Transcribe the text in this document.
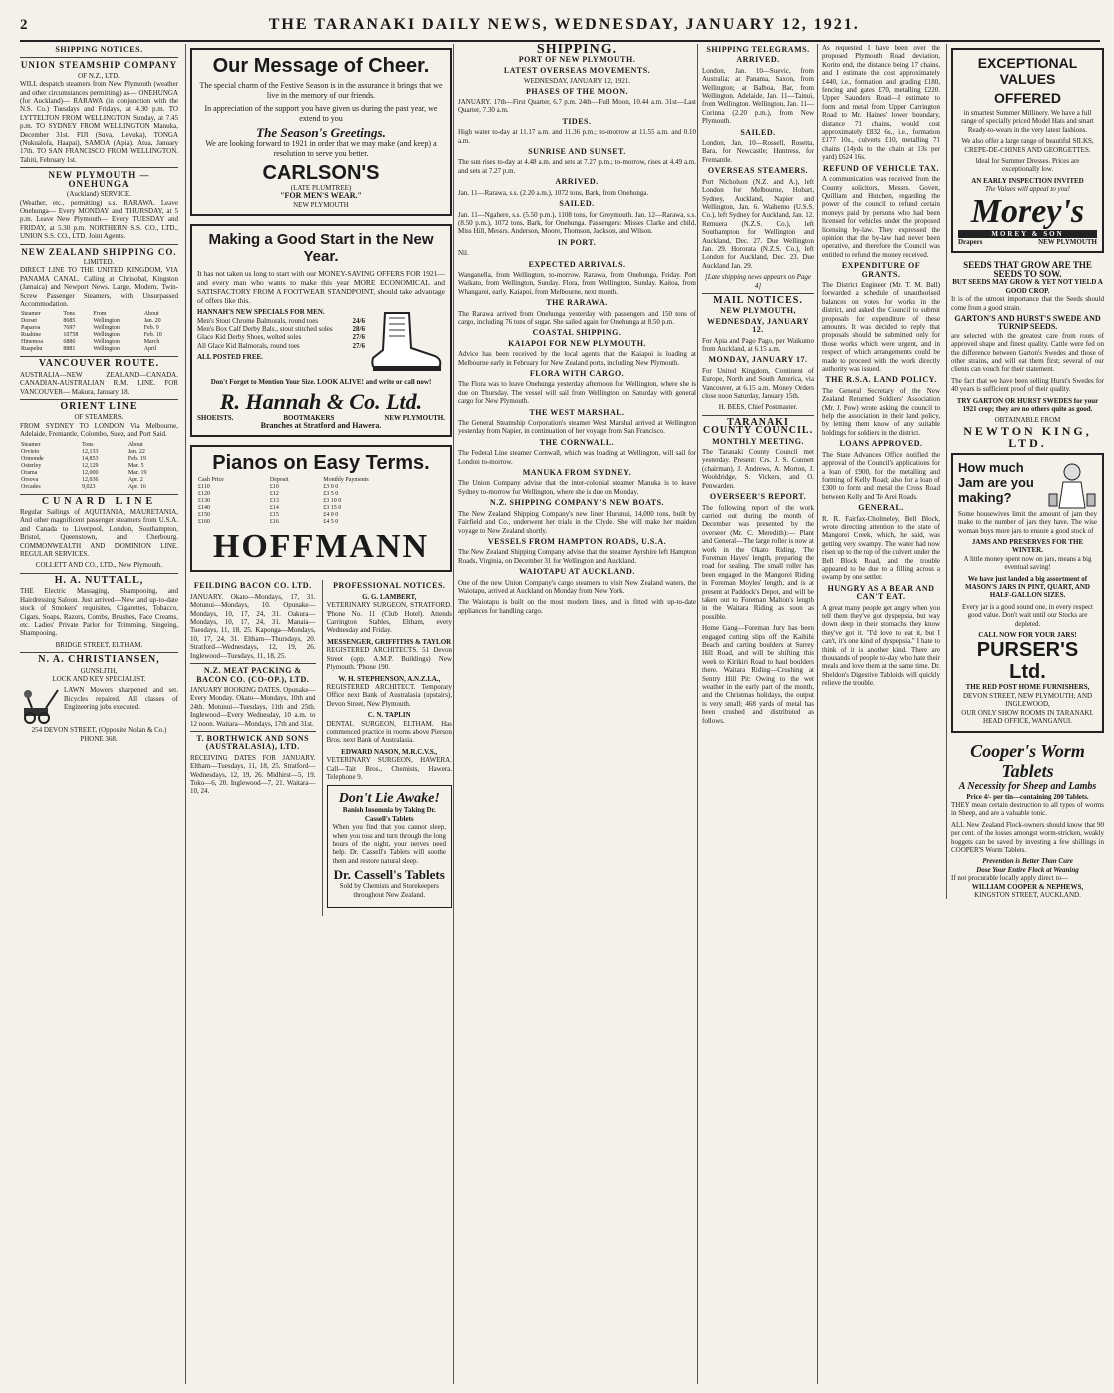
2	THE TARANAKI DAILY NEWS, WEDNESDAY, JANUARY 12, 1921.
SHIPPING NOTICES.
UNION STEAMSHIP COMPANY
OF N.Z., LTD.

WILL despatch steamers from New Plymouth (weather and other circumstances permitting) as— ONEHUNGA (for Auckland)— RARAWA (in conjunction with the N.S. Co.) Tuesdays and Fridays, at 4.30 p.m. TO LYTTELTON FROM WELLINGTON Sunday, at 7.45 p.m. TO SYDNEY FROM WELLINGTON Manuka, December 31st. FIJI (Suva, Levuka), TONGA (Nukualofa, Haapai), SAMOA (Apia). Atua, January 17th. TO SAN FRANCISCO FROM WELLINGTON. Tahiti, February 1st.

NEW PLYMOUTH — ONEHUNGA
(Auckland) SERVICE.

(Weather, etc., permitting) s.s. RARAWA. Leave Onehunga— Every MONDAY and THURSDAY, at 5 p.m. Leave New Plymouth— Every TUESDAY and FRIDAY, at 5.30 p.m. NORTHERN S.S. CO., LTD., UNION S.S. CO., LTD. Joint Agents.

NEW ZEALAND SHIPPING CO.
LIMITED.

DIRECT LINE TO THE UNITED KINGDOM, VIA PANAMA CANAL. Calling at Chrisobal, Kingston (Jamaica) and Newport News. Large, Modern, Twin-Screw Passenger Steamers, with Unsurpassed Accommodation.

Steamer	Tons	From	About
Dorset	8685	Wellington	Jan. 20
Paparoa	7697	Wellington	Feb. 9
Ruahine	10758	Wellington	Feb. 10
Hinemoa	6886	Wellington	March
Ruapehu	8881	Wellington	April
VANCOUVER ROUTE.

AUSTRALIA—NEW ZEALAND—CANADA. CANADIAN-AUSTRALIAN R.M. LINE. FOR VANCOUVER— Makura, January 18.

ORIENT LINE
OF STEAMERS.

FROM SYDNEY TO LONDON Via Melbourne, Adelaide, Fremantle, Colombo, Suez, and Port Said.

Steamer	Tons	About
Orvieto	12,133	Jan. 22
Ormonde	14,853	Feb. 19
Osterley	12,129	Mar. 5
Orama	12,000	Mar. 19
Orsova	12,036	Apr. 2
Orcades	9,023	Apr. 16
CUNARD LINE

Regular Sailings of AQUITANIA, MAURETANIA, And other magnificent passenger steamers from U.S.A. and Canada to Liverpool, London, Southampton, Bristol, Queenstown, and Cherbourg. COMMONWEALTH AND DOMINION LINE. REGULAR SERVICES.

COLLETT AND CO., LTD., New Plymouth.

H. A. NUTTALL,

THE Electric Massaging, Shampooing, and Hairdressing Saloon. Just arrived—New and up-to-date stock of Smokers' requisites, Cigarettes, Tobacco, Cigars, Soaps, Razors, Combs, Brushes, Face Creams, etc. Ladies' Private Parlor for Trimming, Singeing, Shampooing.

BRIDGE STREET, ELTHAM.

N. A. CHRISTIANSEN,
GUNSLITH,
LOCK AND KEY SPECIALIST.

LAWN Mowers sharpened and set. Bicycles repaired. All classes of Engineering jobs executed.

254 DEVON STREET, (Opposite Nolan & Co.) PHONE 368.

Our Message of Cheer.

The special charm of the Festive Season is in the assurance it brings that we live in the memory of our friends.

In appreciation of the support you have given us during the past year, we extend to you

The Season's Greetings.

We are looking forward to 1921 in order that we may make (and keep) a resolution to serve you better.

CARLSON'S
(LATE PLUMTREE)
"FOR MEN'S WEAR."
NEW PLYMOUTH
Making a Good Start in the New Year.

It has not taken us long to start with our MONEY-SAVING OFFERS FOR 1921—and every man who wants to make this year MORE ECONOMICAL and SATISFACTORY FROM A FOOTWEAR STANDPOINT, should take advantage of offers like this.

HANNAH'S NEW SPECIALS FOR MEN.
Men's Stout Chrome Balmorals, round toes	24/6
Men's Box Calf Derby Bals., stout stitched soles	28/6
Glace Kid Derby Shoes, welted soles	27/6
All Glace Kid Balmorals, round toes	27/6
ALL POSTED FREE.

Don't Forget to Mention Your Size. LOOK ALIVE! and write or call now!

R. Hannah & Co. Ltd.
SHOEISTS.	BOOTMAKERS	NEW PLYMOUTH.
Branches at Stratford and Hawera.
Pianos on Easy Terms.
Cash Price	Deposit	Monthly Payments
£110	£10	£3 0 0
£120	£12	£3 5 0
£130	£13	£3 10 0
£140	£14	£3 15 0
£150	£15	£4 0 0
£160	£16	£4 5 0
HOFFMANN
FEILDING BACON CO. LTD.

JANUARY. Okato—Mondays, 17, 31. Motunui—Mondays, 10. Opunake—Mondays, 10, 17, 24, 31. Oakura—Mondays, 10, 17, 24, 31. Manaia—Tuesdays, 11, 18, 25. Kaponga—Mondays, 10, 17, 24, 31. Eltham—Thursdays, 20. Stratford—Wednesdays, 12, 19, 26. Inglewood—Tuesdays, 11, 18, 25.

N.Z. MEAT PACKING & BACON CO. (CO-OP.), LTD.

JANUARY BOOKING DATES. Opunake—Every Monday. Okato—Mondays, 10th and 24th. Motunui—Tuesdays, 11th and 25th. Inglewood—Every Wednesday, 10 a.m. to 12 noon. Waitara—Mondays, 17th and 31st.

T. BORTHWICK AND SONS (AUSTRALASIA), LTD.

RECEIVING DATES FOR JANUARY. Eltham—Tuesdays, 11, 18, 25. Stratford—Wednesdays, 12, 19, 26. Midhirst—5, 19. Toko—6, 20. Inglewood—7, 21. Waitara—10, 24.

PROFESSIONAL NOTICES.
G. G. LAMBERT,

VETERINARY SURGEON, STRATFORD. 'Phone No. 11 (Club Hotel). Attends Carrington Stables, Eltham, every Wednesday and Friday.

MESSENGER, GRIFFITHS & TAYLOR

REGISTERED ARCHITECTS. 51 Devon Street (opp. A.M.P. Buildings) New Plymouth. 'Phone 190.

W. H. STEPHENSON, A.N.Z.I.A.,

REGISTERED ARCHITECT. Temporary Office next Bank of Australasia (upstairs), Devon Street, New Plymouth.

C. N. TAPLIN

DENTAL SURGEON, ELTHAM. Has commenced practice in rooms above Pierson Bros. next Bank of Australasia.

EDWARD NASON, M.R.C.V.S.,

VETERINARY SURGEON, HAWERA. Call—Tait Bros., Chemists, Hawera. Telephone 9.

Don't Lie Awake!
Banish Insomnia by Taking Dr. Cassell's Tablets

When you find that you cannot sleep, when you toss and turn through the long hours of the night, your nerves need help. Dr. Cassell's Tablets will soothe them and restore natural sleep.

Dr. Cassell's Tablets

Sold by Chemists and Storekeepers throughout New Zealand.

SHIPPING.
PORT OF NEW PLYMOUTH.
LATEST OVERSEAS MOVEMENTS.
WEDNESDAY, JANUARY 12, 1921.
PHASES OF THE MOON.

JANUARY. 17th—First Quarter, 6.7 p.m. 24th—Full Moon, 10.44 a.m. 31st—Last Quarter, 7.30 a.m.

TIDES.

High water to-day at 11.17 a.m. and 11.36 p.m.; to-morrow at 11.55 a.m. and 0.10 a.m.

SUNRISE AND SUNSET.

The sun rises to-day at 4.48 a.m. and sets at 7.27 p.m.; to-morrow, rises at 4.49 a.m. and sets at 7.27 p.m.

ARRIVED.

Jan. 11—Rarawa, s.s. (2.20 a.m.), 1072 tons, Bark, from Onehunga.

SAILED.

Jan. 11—Ngahere, s.s. (5.50 p.m.), 1108 tons, for Greymouth. Jan. 12—Rarawa, s.s. (8.50 p.m.), 1072 tons, Bark, for Onehunga. Passengers: Misses Clarke and child, Miss Hill, Messrs. Anderson, Moore, Thomson, Jackson, and Wilson.

IN PORT.

Nil.

EXPECTED ARRIVALS.

Wanganella, from Wellington, to-morrow. Rarawa, from Onehunga, Friday. Port Waikato, from Wellington, Sunday. Flora, from Wellington, Sunday. Kaitoa, from Whangarei, early. Kaiapoi, from Melbourne, next month.

THE RARAWA.

The Rarawa arrived from Onehunga yesterday with passengers and 150 tons of cargo, including 76 tons of sugar. She sailed again for Onehunga at 8.50 p.m.

COASTAL SHIPPING.
KAIAPOI FOR NEW PLYMOUTH.

Advice has been received by the local agents that the Kaiapoi is loading at Melbourne early in February for New Zealand ports, including New Plymouth.

FLORA WITH CARGO.

The Flora was to leave Onehunga yesterday afternoon for Wellington, where she is due on Thursday. The vessel will sail from Wellington on Saturday with general cargo for New Plymouth.

THE WEST MARSHAL.

The General Steamship Corporation's steamer West Marshal arrived at Wellington yesterday from Napier, in continuation of her voyage from San Francisco.

THE CORNWALL.

The Federal Line steamer Cornwall, which was loading at Wellington, will sail for London to-morrow.

MANUKA FROM SYDNEY.

The Union Company advise that the inter-colonial steamer Manuka is to leave Sydney to-morrow for Wellington, where she is due on Monday.

N.Z. SHIPPING COMPANY'S NEW BOATS.

The New Zealand Shipping Company's new liner Hurunui, 14,000 tons, built by Fairfield and Co., underwent her trials in the Clyde. She will make her maiden voyage to New Zealand shortly.

VESSELS FROM HAMPTON ROADS, U.S.A.

The New Zealand Shipping Company advise that the steamer Ayrshire left Hampton Roads, Virginia, on December 31 for Wellington and Auckland.

WAIOTAPU AT AUCKLAND.

One of the new Union Company's cargo steamers to visit New Zealand waters, the Waiotapu, arrived at Auckland on Monday from New York.

The Waiotapu is built on the most modern lines, and is fitted with up-to-date appliances for handling cargo.

SHIPPING TELEGRAMS.
ARRIVED.

London, Jan. 10—Suevic, from Australia; at Panama, Saxon, from Wellington; at Balboa, Bar, from Wellington. Adelaide, Jan. 11—Tainui, from Wellington. Wellington, Jan. 11—Corinna (2.20 p.m.), from New Plymouth.

SAILED.

London, Jan. 10—Rossell, Rosetta, Bara, for Newcastle; Huntress, for Fremantle.

OVERSEAS STEAMERS.

Port Nicholson (N.Z. and A.), left London for Melbourne, Hobart, Sydney, Auckland, Napier and Wellington, Jan. 6. Waihemo (U.S.S. Co.), left Sydney for Auckland, Jan. 12. Remuera (N.Z.S. Co.), left Southampton for Wellington and Auckland, Dec. 27. Due Wellington Jan. 29. Hororata (N.Z.S. Co.), left London for Auckland, Dec. 23. Due Auckland Jan. 29.

[Late shipping news appears on Page 4]

MAIL NOTICES.
NEW PLYMOUTH,
WEDNESDAY, JANUARY 12.

For Apia and Pago Pago, per Waikumo from Auckland, at 6.15 a.m.

MONDAY, JANUARY 17.

For United Kingdom, Continent of Europe, North and South America, via Vancouver, at 6.15 a.m. Money Orders close noon Saturday, January 15th.

H. BEES, Chief Postmaster.

TARANAKI COUNTY COUNCIL.
MONTHLY MEETING.

The Taranaki County Council met yesterday. Present: Crs. J. S. Connett (chairman), J. Andrews, A. Morton, J. Wooldridge, S. Vickers, and O. Penwarden.

OVERSEER'S REPORT.

The following report of the work carried out during the month of December was presented by the overseer (Mr. C. Meredith):— Plant and General—The large roller is now at work in the Okato Riding. The Foreman Hayes' length, preparing the road for sealing. The small roller has been engaged in the Mangorei Riding in Foreman Moyles' length, and is at present at Paddock's Depot, and will be taken out to Foreman Malton's length in the Waitara Riding as soon as possible.

Home Gang—Foreman Jury has been engaged cutting slips off the Kaihihi Beach and carting boulders at Surrey Hill Road, and will be shifting this week to Kirikiri Road to haul boulders there. Waitara Riding—Crushing at Sentry Hill Pit: Owing to the wet weather in the early part of the month, and the Christmas holidays, the output is very small; 468 yards of metal has been crushed and distributed as follows.

As requested I have been over the proposed Plymouth Road deviation, Korito end, the distance being 17 chains, and I estimate the cost approximately £440, i.e., formation and grading £180, fencing and gates £70, metalling £220. Upper Saunders Road—I estimate to form and metal from Upper Carrington Road to Mr. Haines' lower boundary, distance 71 chains, would cost approximately £832 6s., i.e., formation £177 10s., culverts £10, metalling 71 chains (14yds to the chain at 13s per yard) £624 16s.

REFUND OF VEHICLE TAX.

A communication was received from the County solicitors, Messrs. Govett, Quilliam and Hutchen, regarding the power of the council to refund certain moneys paid by persons who had been licensed for vehicles under the proposed licensing by-law. They expressed the opinion that the by-law had never been operative, and therefore the Council was entitled to refund the money received.

EXPENDITURE OF GRANTS.

The District Engineer (Mr. T. M. Ball) forwarded a schedule of unauthorised balances on votes for works in the district, and asked the Council to submit proposals for expenditure of these amounts. It was decided to reply that proposals should be submitted only for those works which were urgent, and in respect of which arrangements could be made to proceed with the work directly authority was issued.

THE R.S.A. LAND POLICY.

The General Secretary of the New Zealand Returned Soldiers' Association (Mr. J. Pow) wrote asking the council to help the association in their land policy, by letting them know of any suitable holdings for soldiers in the district.

LOANS APPROVED.

The State Advances Office notified the approval of the Council's applications for a loan of £900, for the metalling and forming of Kelly Road; also for a loan of £300 to form and metal the Cross Road between Kelly and Te Arei Roads.

GENERAL.

R. R. Fairfax-Cholmeley, Bell Block, wrote directing attention to the state of Mangorei Creek, which, he said, was getting very swampy. The water had now risen up to the top of the culvert under the Bell Block Road, and the trouble appeared to be due to a filling across a swamp by one settler.

HUNGRY AS A BEAR AND CAN'T EAT.

A great many people get angry when you tell them they've got dyspepsia, but way down deep in their stomachs they know they've got it. "I'd love to eat it, but I can't, it's one kind of dyspepsia." I hate to think of it is another kind. There are thousands of people to-day who hate their meals and love them at the same time. Dr. Sheldon's Digestive Tabloids will quickly relieve the trouble.

EXCEPTIONAL VALUES
OFFERED

in smartest Summer Millinery. We have a full range of specially priced Model Hats and smart Ready-to-wears in the very latest fashions.

We also offer a large range of beautiful SILKS, CREPE-DE-CHINES AND GEORGETTES.

Ideal for Summer Dresses. Prices are exceptionally low.

AN EARLY INSPECTION INVITED
The Values will appeal to you!
Morey's
MOREY & SON
Drapers	NEW PLYMOUTH
SEEDS THAT GROW ARE THE SEEDS TO SOW.
BUT SEEDS MAY GROW & YET NOT YIELD A GOOD CROP.

It is of the utmost importance that the Seeds should come from a good strain.

GARTON'S AND HURST'S SWEDE AND TURNIP SEEDS.

are selected with the greatest care from roots of approved shape and finest quality. Cattle were fed on the difference between Garton's Swedes and those of other strains, and will eat them first; several of our clients can vouch for their statement.

The fact that we have been selling Hurst's Swedes for 40 years is sufficient proof of their quality.

TRY GARTON OR HURST SWEDES for your 1921 crop; they are no others quite as good.

OBTAINABLE FROM
NEWTON KING, LTD.
How much Jam are you making?

Some housewives limit the amount of jam they make to the number of jars they have. The wise woman buys more jars to ensure a good stock of

JAMS AND PRESERVES FOR THE WINTER.

A little money spent now on jars, means a big eventual saving!

We have just landed a big assortment of MASON'S JARS IN PINT, QUART, AND HALF-GALLON SIZES.

Every jar is a good sound one, in every respect good value. Don't wait until our Stocks are depleted.

CALL NOW FOR YOUR JARS!
PURSER'S Ltd.
THE RED POST HOME FURNISHERS,
DEVON STREET, NEW PLYMOUTH; AND INGLEWOOD,
OUR ONLY SHOW ROOMS IN TARANAKI.
HEAD OFFICE, WANGANUI.
Cooper's Worm Tablets
A Necessity for Sheep and Lambs
Price 4/- per tin—containing 200 Tablets.

THEY mean certain destruction to all types of worms in Sheep, and are a valuable tonic.

ALL New Zealand Flock-owners should know that 90 per cent. of the losses amongst worm-stricken, weakly hoggets can be saved by investing a few shillings in COOPER'S Worm Tablets.

Prevention is Better Than Cure
Dose Your Entire Flock at Weaning
If not procurable locally apply direct to—
WILLIAM COOPER & NEPHEWS,
KINGSTON STREET, AUCKLAND.
